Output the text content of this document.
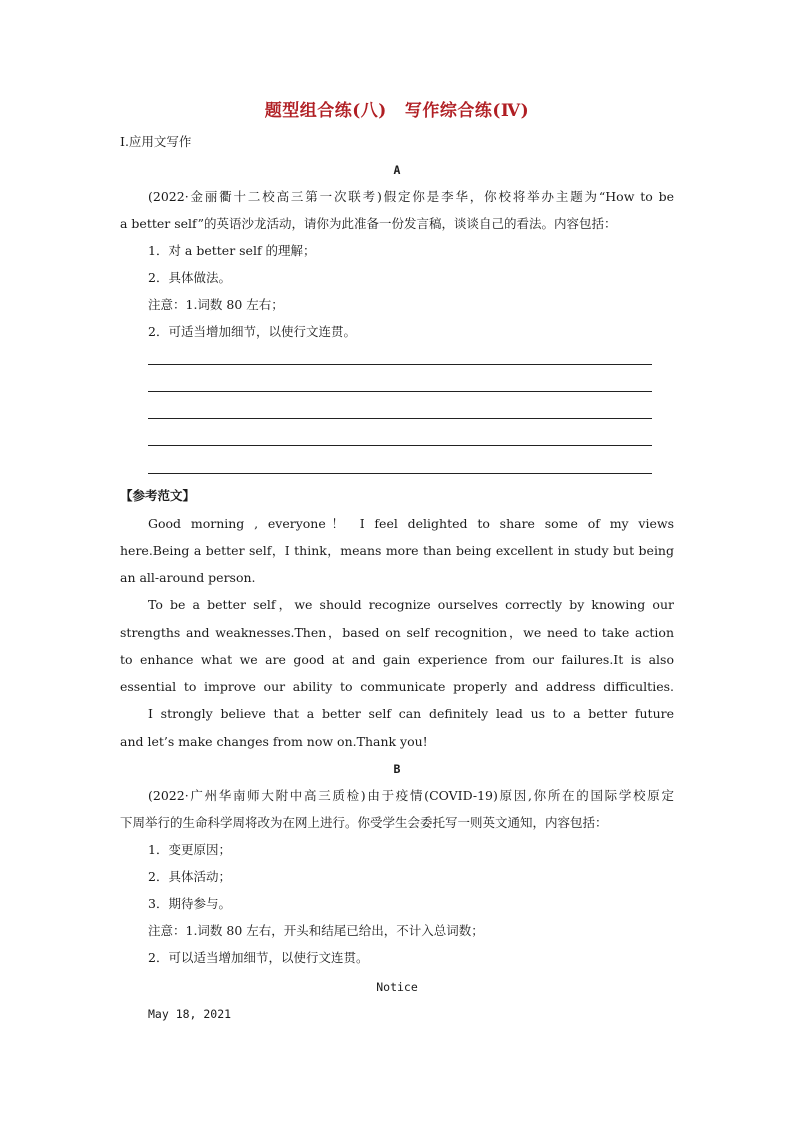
题型组合练(八) 写作综合练(Ⅳ)
Ⅰ.应用文写作
A
(2022·金丽衢十二校高三第一次联考)假定你是李华，你校将举办主题为“How to be
a better self”的英语沙龙活动，请你为此准备一份发言稿，谈谈自己的看法。内容包括：
1．对 a better self 的理解；
2．具体做法。
注意：1.词数 80 左右；
2．可适当增加细节，以使行文连贯。
【参考范文】
Good morning , everyone！ I feel delighted to share some of my views
here.Being a better self，I think，means more than being excellent in study but being
an all-around person.
To be a better self，we should recognize ourselves correctly by knowing our
strengths and weaknesses.Then，based on self recognition，we need to take action
to enhance what we are good at and gain experience from our failures.It is also
essential to improve our ability to communicate properly and address difficulties.
I strongly believe that a better self can definitely lead us to a better future
and let’s make changes from now on.Thank you!
B
(2022·广州华南师大附中高三质检)由于疫情(COVID-19)原因,你所在的国际学校原定
下周举行的生命科学周将改为在网上进行。你受学生会委托写一则英文通知，内容包括：
1．变更原因；
2．具体活动；
3．期待参与。
注意：1.词数 80 左右，开头和结尾已给出，不计入总词数；
2．可以适当增加细节，以使行文连贯。
Notice
May 18, 2021
